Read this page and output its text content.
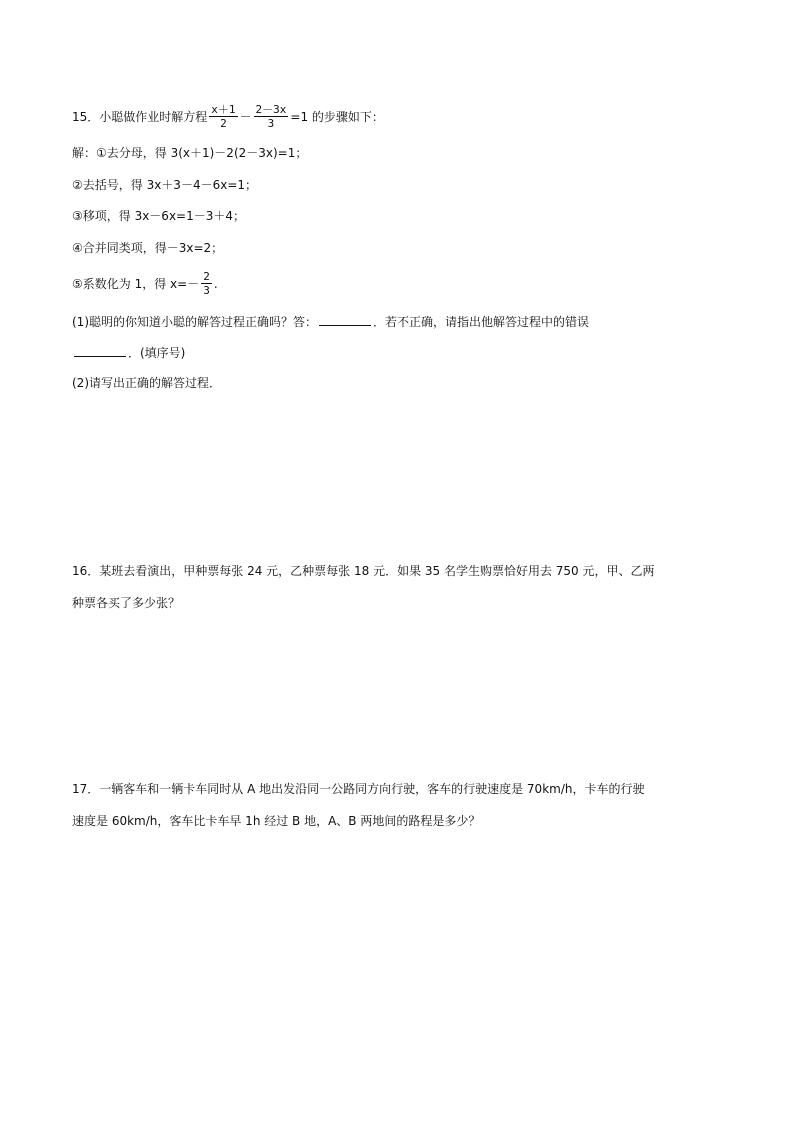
15．小聪做作业时解方程 $\frac{x+1}{2} - \frac{2-3x}{3} =1$ 的步骤如下：
解：①去分母，得 3(x＋1)－2(2－3x)=1；
②去括号，得 3x＋3－4－6x=1；
③移项，得 3x－6x=1－3＋4；
④合并同类项，得－3x=2；
⑤系数化为 1，得 $x=- \frac{2}{3}$ .
(1)聪明的你知道小聪的解答过程正确吗？答：	．若不正确，请指出他解答过程中的错误
．(填序号)
(2)请写出正确的解答过程．
16．某班去看演出，甲种票每张 24 元，乙种票每张 18 元．如果 35 名学生购票恰好用去 750 元，甲、乙两
种票各买了多少张？
17．一辆客车和一辆卡车同时从 A 地出发沿同一公路同方向行驶，客车的行驶速度是 70km/h，卡车的行驶
速度是 60km/h，客车比卡车早 1h 经过 B 地，A、B 两地间的路程是多少？
